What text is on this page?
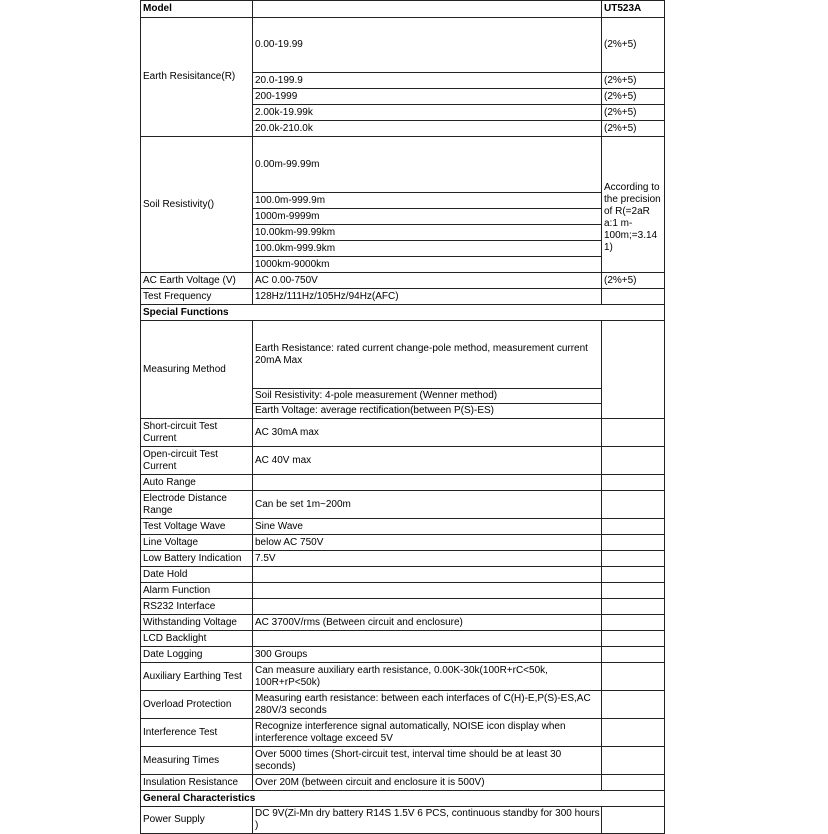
Model		UT523A
Earth Resisitance(R)	0.00-19.99	(2%+5)
	20.0-199.9	(2%+5)
	200-1999	(2%+5)
	2.00k-19.99k	(2%+5)
	20.0k-210.0k	(2%+5)
Soil Resistivity()	0.00m-99.99m	According to the precision of R(=2aR a:1 m-100m;=3.14 1)
	100.0m-999.9m	
	1000m-9999m	
	10.00km-99.99km	
	100.0km-999.9km	
	1000km-9000km	
AC Earth Voltage (V)	AC 0.00-750V	(2%+5)
Test Frequency	128Hz/111Hz/105Hz/94Hz(AFC)	
Special Functions		
Measuring Method	Earth Resistance: rated current change-pole method, measurement current 20mA Max	
	Soil Resistivity: 4-pole measurement (Wenner method)	
	Earth Voltage: average rectification(between P(S)-ES)	
Short-circuit Test Current	AC 30mA max	
Open-circuit Test Current	AC 40V max	
Auto Range		
Electrode Distance Range	Can be set 1m~200m	
Test Voltage Wave	Sine Wave	
Line Voltage	below AC 750V	
Low Battery Indication	7.5V	
Date Hold		
Alarm Function		
RS232 Interface		
Withstanding Voltage	AC 3700V/rms (Between circuit and enclosure)	
LCD Backlight		
Date Logging	300 Groups	
Auxiliary Earthing Test	Can measure auxiliary earth resistance, 0.00K-30k(100R+rC<50k, 100R+rP<50k)	
Overload Protection	Measuring earth resistance: between each interfaces of C(H)-E,P(S)-ES,AC 280V/3 seconds	
Interference Test	Recognize interference signal automatically, NOISE icon display when interference voltage exceed 5V	
Measuring Times	Over 5000 times (Short-circuit test, interval time should be at least 30 seconds)	
Insulation Resistance	Over 20M (between circuit and enclosure it is 500V)	
General Characteristics		
Power Supply	DC 9V(Zi-Mn dry battery R14S 1.5V 6 PCS, continuous standby for 300 hours )	
